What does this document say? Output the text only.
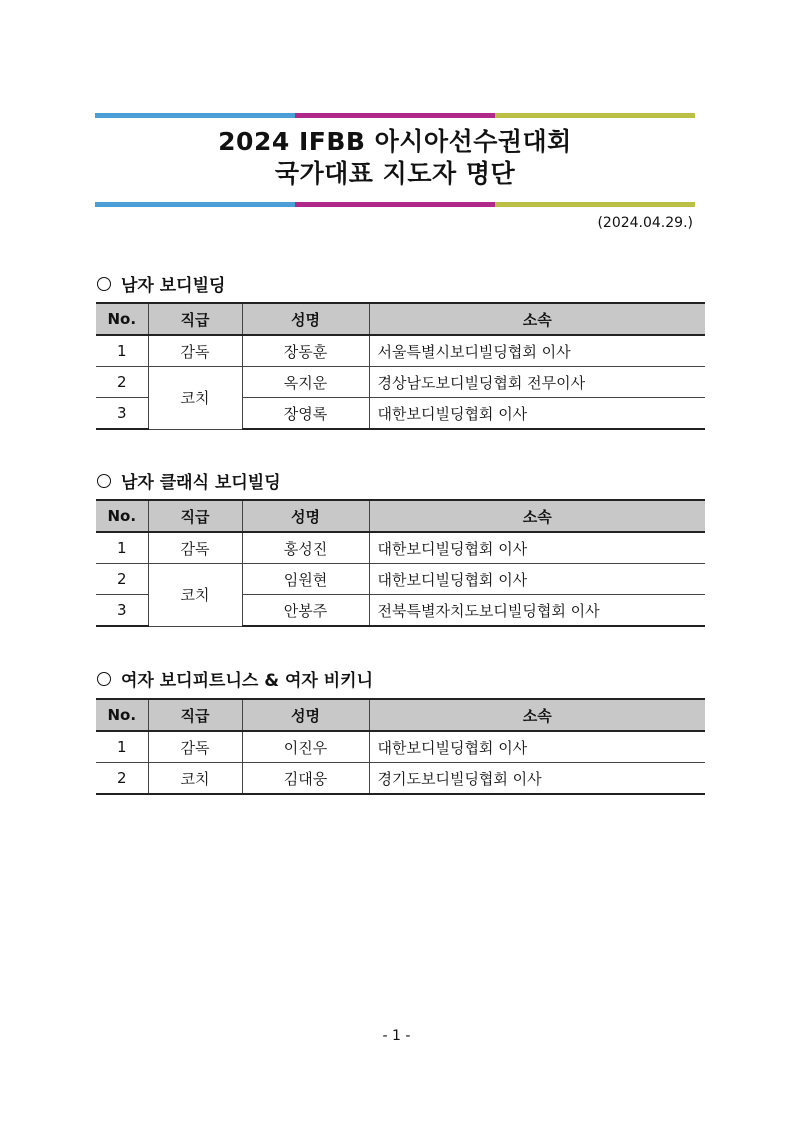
2024 IFBB 아시아선수권대회
국가대표 지도자 명단
(2024.04.29.)
남자 보디빌딩
No.	직급	성명	소속
1	감독	장동훈	서울특별시보디빌딩협회 이사
2	코치	옥지운	경상남도보디빌딩협회 전무이사
3		장영록	대한보디빌딩협회 이사
남자 클래식 보디빌딩
No.	직급	성명	소속
1	감독	홍성진	대한보디빌딩협회 이사
2	코치	임원현	대한보디빌딩협회 이사
3		안봉주	전북특별자치도보디빌딩협회 이사
여자 보디피트니스 & 여자 비키니
No.	직급	성명	소속
1	감독	이진우	대한보디빌딩협회 이사
2	코치	김대웅	경기도보디빌딩협회 이사
- 1 -
